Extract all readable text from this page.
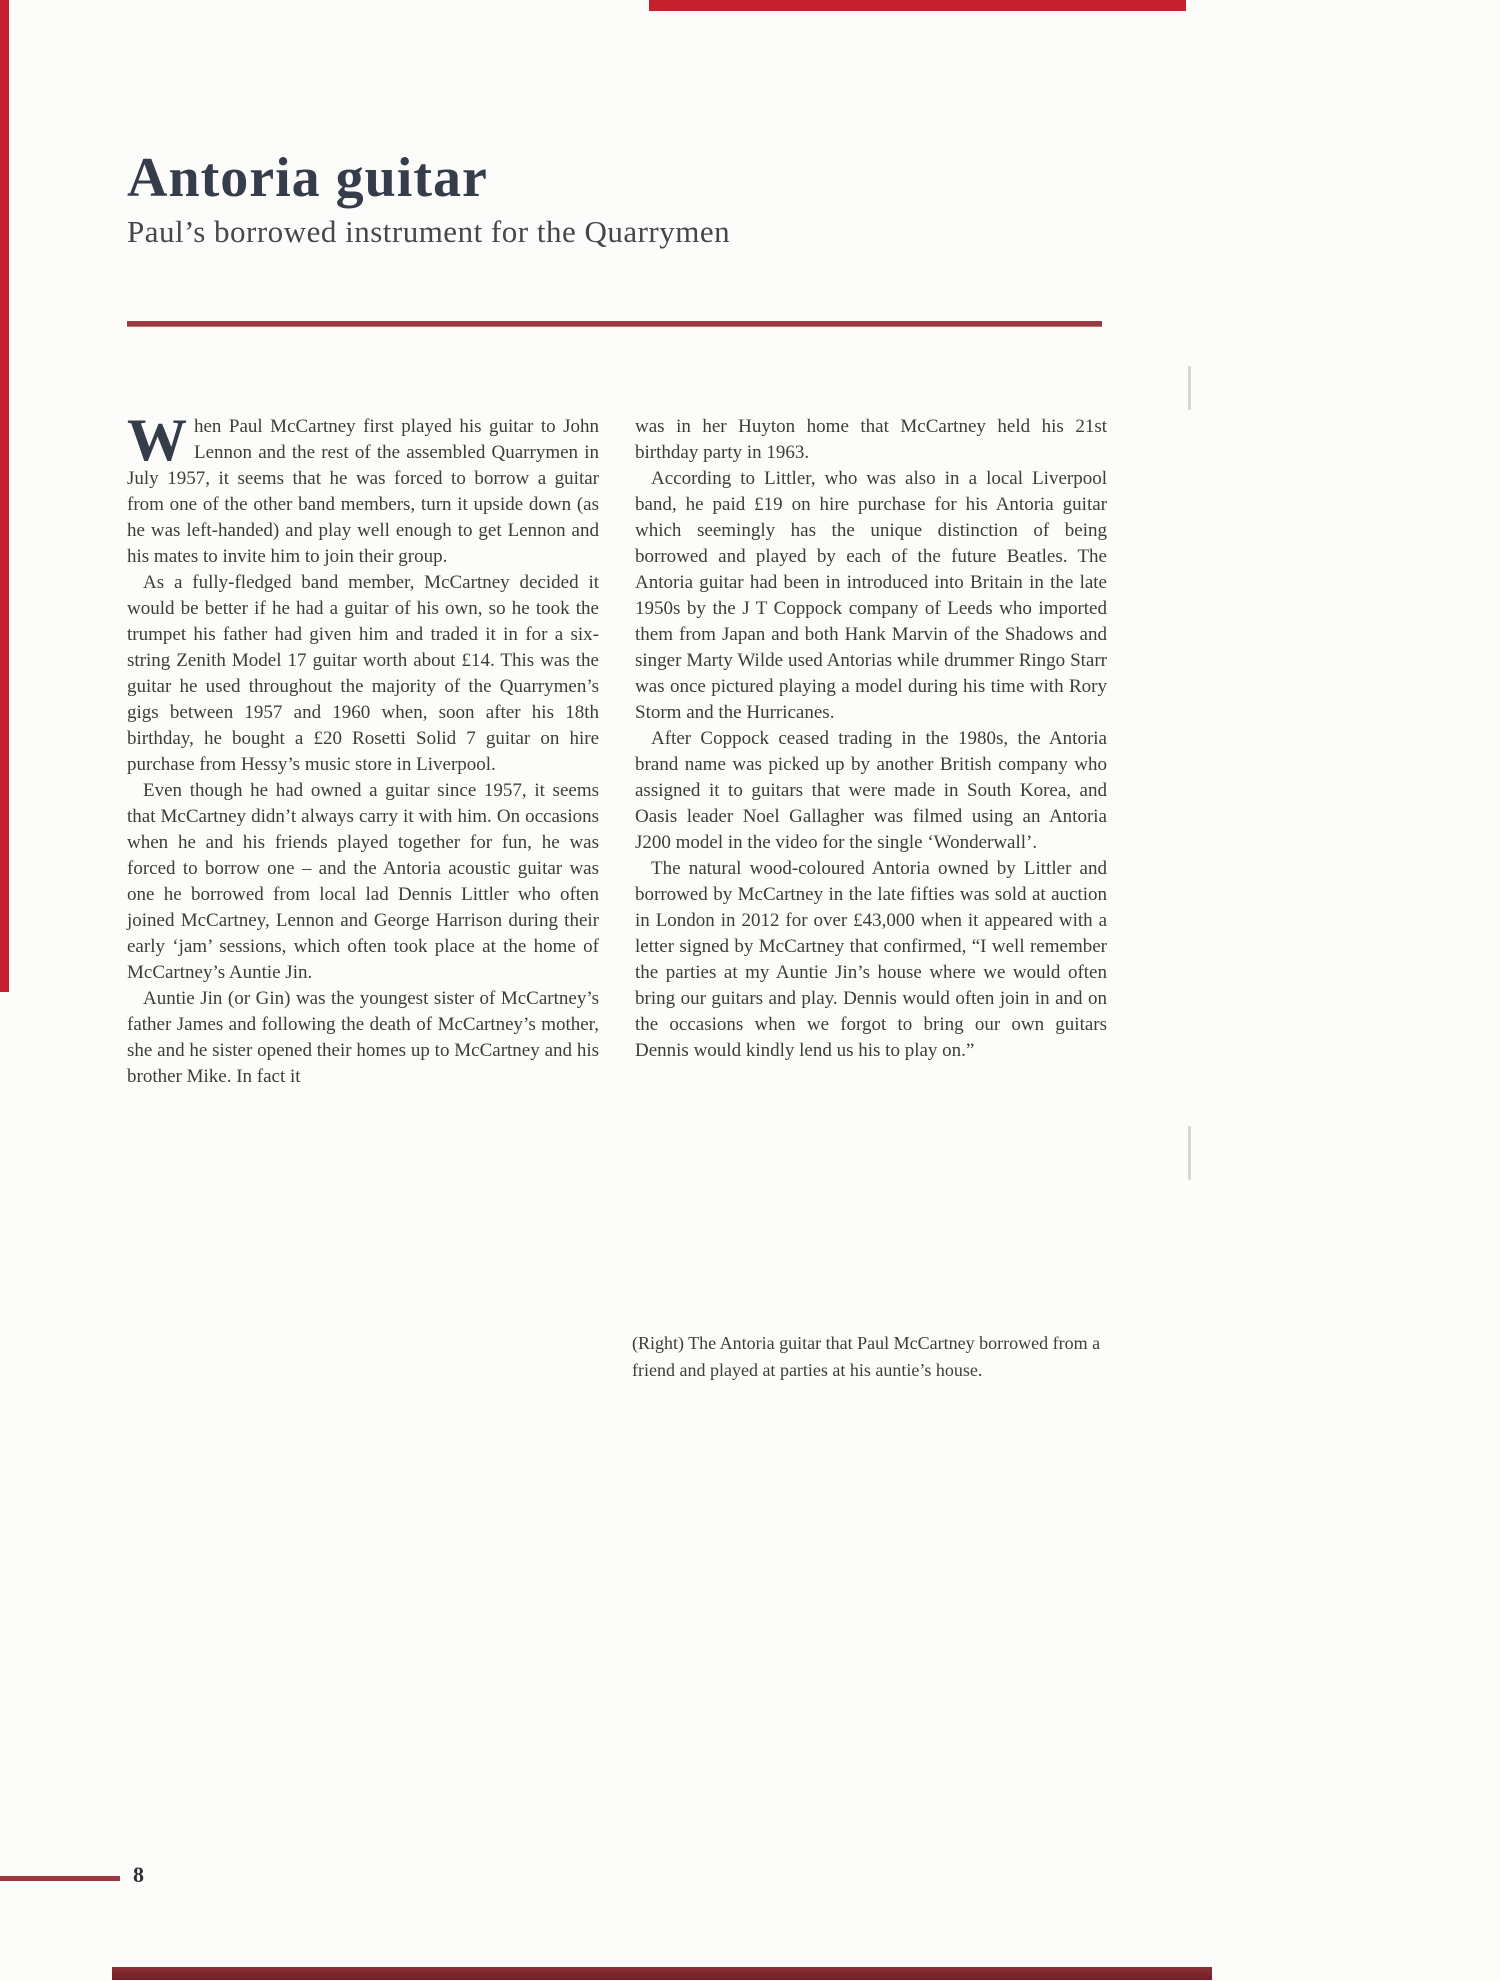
Antoria guitar
Paul’s borrowed instrument for the Quarrymen

When Paul McCartney first played his guitar to John Lennon and the rest of the assembled Quarrymen in July 1957, it seems that he was forced to borrow a guitar from one of the other band members, turn it upside down (as he was left-handed) and play well enough to get Lennon and his mates to invite him to join their group.

As a fully-fledged band member, McCartney decided it would be better if he had a guitar of his own, so he took the trumpet his father had given him and traded it in for a six-string Zenith Model 17 guitar worth about £14. This was the guitar he used throughout the majority of the Quarrymen’s gigs between 1957 and 1960 when, soon after his 18th birthday, he bought a £20 Rosetti Solid 7 guitar on hire purchase from Hessy’s music store in Liverpool.

Even though he had owned a guitar since 1957, it seems that McCartney didn’t always carry it with him. On occasions when he and his friends played together for fun, he was forced to borrow one – and the Antoria acoustic guitar was one he borrowed from local lad Dennis Littler who often joined McCartney, Lennon and George Harrison during their early ‘jam’ sessions, which often took place at the home of McCartney’s Auntie Jin.

Auntie Jin (or Gin) was the youngest sister of McCartney’s father James and following the death of McCartney’s mother, she and he sister opened their homes up to McCartney and his brother Mike. In fact it

was in her Huyton home that McCartney held his 21st birthday party in 1963.

According to Littler, who was also in a local Liverpool band, he paid £19 on hire purchase for his Antoria guitar which seemingly has the unique distinction of being borrowed and played by each of the future Beatles. The Antoria guitar had been in introduced into Britain in the late 1950s by the J T Coppock company of Leeds who imported them from Japan and both Hank Marvin of the Shadows and singer Marty Wilde used Antorias while drummer Ringo Starr was once pictured playing a model during his time with Rory Storm and the Hurricanes.

After Coppock ceased trading in the 1980s, the Antoria brand name was picked up by another British company who assigned it to guitars that were made in South Korea, and Oasis leader Noel Gallagher was filmed using an Antoria J200 model in the video for the single ‘Wonderwall’.

The natural wood-coloured Antoria owned by Littler and borrowed by McCartney in the late fifties was sold at auction in London in 2012 for over £43,000 when it appeared with a letter signed by McCartney that confirmed, “I well remember the parties at my Auntie Jin’s house where we would often bring our guitars and play. Dennis would often join in and on the occasions when we forgot to bring our own guitars Dennis would kindly lend us his to play on.”

(Right) The Antoria guitar that Paul McCartney borrowed from a friend and played at parties at his auntie’s house.
8
